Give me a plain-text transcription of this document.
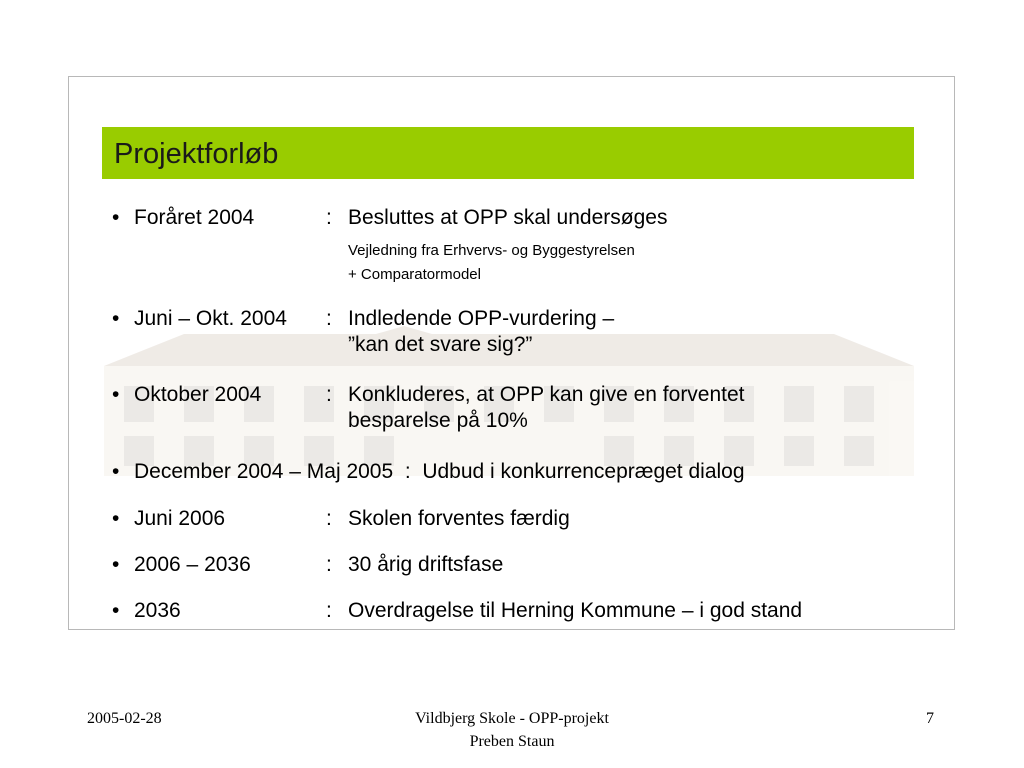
Projektforløb
• Foråret 2004	: Besluttes at OPP skal undersøges
Vejledning fra Erhvervs- og Byggestyrelsen
+ Comparatormodel
• Juni – Okt. 2004 : Indledende OPP-vurdering –
”kan det svare sig?”
• Oktober 2004	: Konkluderes, at OPP kan give en forventet
besparelse på 10%
• December 2004 – Maj 2005  :  Udbud i konkurrencepræget dialog
• Juni 2006	: Skolen forventes færdig
• 2006 – 2036	: 30 årig driftsfase
• 2036	: Overdragelse til Herning Kommune – i god stand
2005-02-28	Vildbjerg Skole - OPP-projekt
Preben Staun
7
